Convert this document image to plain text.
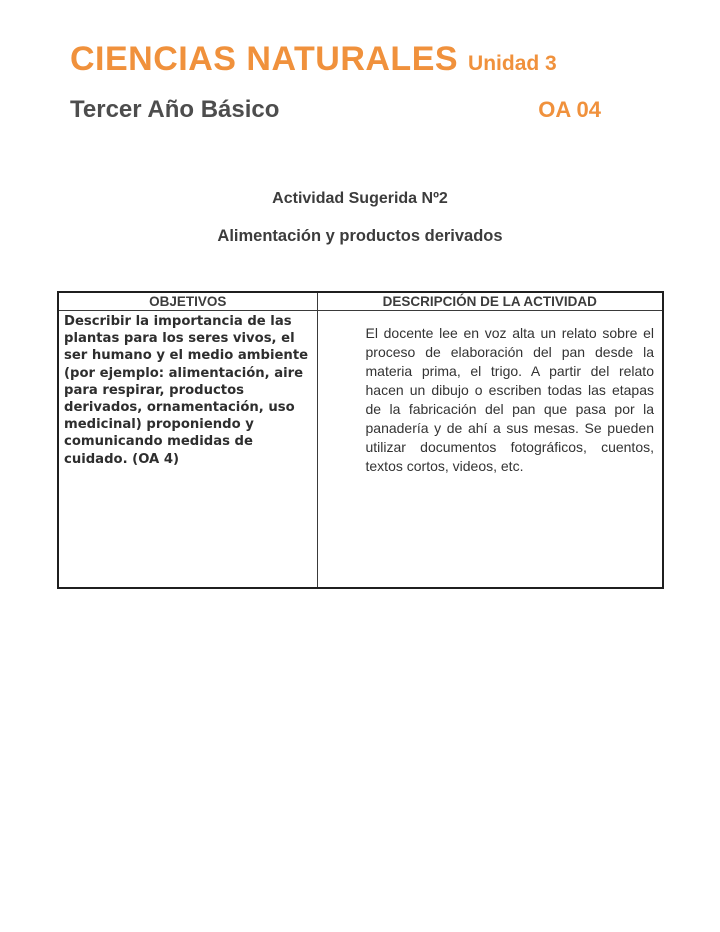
CIENCIAS NATURALES Unidad 3
Tercer Año Básico	OA 04
Actividad Sugerida Nº2
Alimentación y productos derivados
OBJETIVOS	DESCRIPCIÓN DE LA ACTIVIDAD
Describir la importancia de las plantas para los seres vivos, el ser humano y el medio ambiente (por ejemplo: alimentación, aire para respirar, productos derivados, ornamentación, uso medicinal) proponiendo y comunicando medidas de cuidado. (OA 4)	El docente lee en voz alta un relato sobre el proceso de elaboración del pan desde la materia prima, el trigo. A partir del relato hacen un dibujo o escriben todas las etapas de la fabricación del pan que pasa por la panadería y de ahí a sus mesas. Se pueden utilizar documentos fotográficos, cuentos, textos cortos, videos, etc.
